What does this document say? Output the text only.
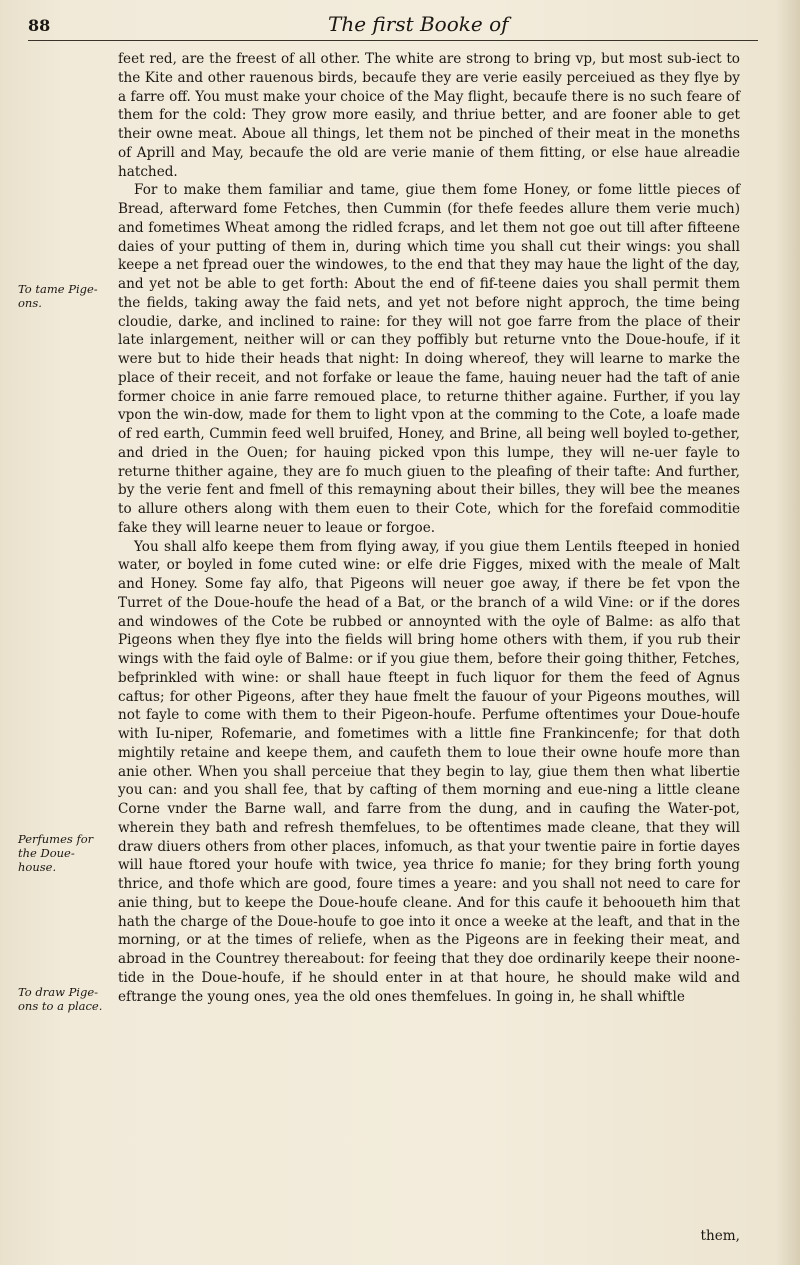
88	The first Booke of
To tame Pige-ons.
Perfumes for the Doue-house.
To draw Pige-ons to a place.

feet red, are the freest of all other. The white are strong to bring vp, but most sub-iect to the Kite and other rauenous birds, becaufe they are verie easily perceiued as they flye by a farre off. You must make your choice of the May flight, becaufe there is no such feare of them for the cold: They grow more easily, and thriue better, and are fooner able to get their owne meat. Aboue all things, let them not be pinched of their meat in the moneths of Aprill and May, becaufe the old are verie manie of them fitting, or else haue alreadie hatched.

For to make them familiar and tame, giue them fome Honey, or fome little pieces of Bread, afterward fome Fetches, then Cummin (for thefe feedes allure them verie much) and fometimes Wheat among the ridled fcraps, and let them not goe out till after fifteene daies of your putting of them in, during which time you shall cut their wings: you shall keepe a net fpread ouer the windowes, to the end that they may haue the light of the day, and yet not be able to get forth: About the end of fif-teene daies you shall permit them the fields, taking away the faid nets, and yet not before night approch, the time being cloudie, darke, and inclined to raine: for they will not goe farre from the place of their late inlargement, neither will or can they poffibly but returne vnto the Doue-houfe, if it were but to hide their heads that night: In doing whereof, they will learne to marke the place of their receit, and not forfake or leaue the fame, hauing neuer had the taft of anie former choice in anie farre remoued place, to returne thither againe. Further, if you lay vpon the win-dow, made for them to light vpon at the comming to the Cote, a loafe made of red earth, Cummin feed well bruifed, Honey, and Brine, all being well boyled to-gether, and dried in the Ouen; for hauing picked vpon this lumpe, they will ne-uer fayle to returne thither againe, they are fo much giuen to the pleafing of their tafte: And further, by the verie fent and fmell of this remayning about their billes, they will bee the meanes to allure others along with them euen to their Cote, which for the forefaid commoditie fake they will learne neuer to leaue or forgoe.

You shall alfo keepe them from flying away, if you giue them Lentils fteeped in honied water, or boyled in fome cuted wine: or elfe drie Figges, mixed with the meale of Malt and Honey. Some fay alfo, that Pigeons will neuer goe away, if there be fet vpon the Turret of the Doue-houfe the head of a Bat, or the branch of a wild Vine: or if the dores and windowes of the Cote be rubbed or annoynted with the oyle of Balme: as alfo that Pigeons when they flye into the fields will bring home others with them, if you rub their wings with the faid oyle of Balme: or if you giue them, before their going thither, Fetches, befprinkled with wine: or shall haue fteept in fuch liquor for them the feed of Agnus caftus; for other Pigeons, after they haue fmelt the fauour of your Pigeons mouthes, will not fayle to come with them to their Pigeon-houfe. Perfume oftentimes your Doue-houfe with Iu-niper, Rofemarie, and fometimes with a little fine Frankincenfe; for that doth mightily retaine and keepe them, and caufeth them to loue their owne houfe more than anie other. When you shall perceiue that they begin to lay, giue them then what libertie you can: and you shall fee, that by cafting of them morning and eue-ning a little cleane Corne vnder the Barne wall, and farre from the dung, and in caufing the Water-pot, wherein they bath and refresh themfelues, to be oftentimes made cleane, that they will draw diuers others from other places, infomuch, as that your twentie paire in fortie dayes will haue ftored your houfe with twice, yea thrice fo manie; for they bring forth young thrice, and thofe which are good, foure times a yeare: and you shall not need to care for anie thing, but to keepe the Doue-houfe cleane. And for this caufe it behooueth him that hath the charge of the Doue-houfe to goe into it once a weeke at the leaft, and that in the morning, or at the times of reliefe, when as the Pigeons are in feeking their meat, and abroad in the Countrey thereabout: for feeing that they doe ordinarily keepe their noone-tide in the Doue-houfe, if he should enter in at that houre, he should make wild and eftrange the young ones, yea the old ones themfelues. In going in, he shall whiftle

them,
